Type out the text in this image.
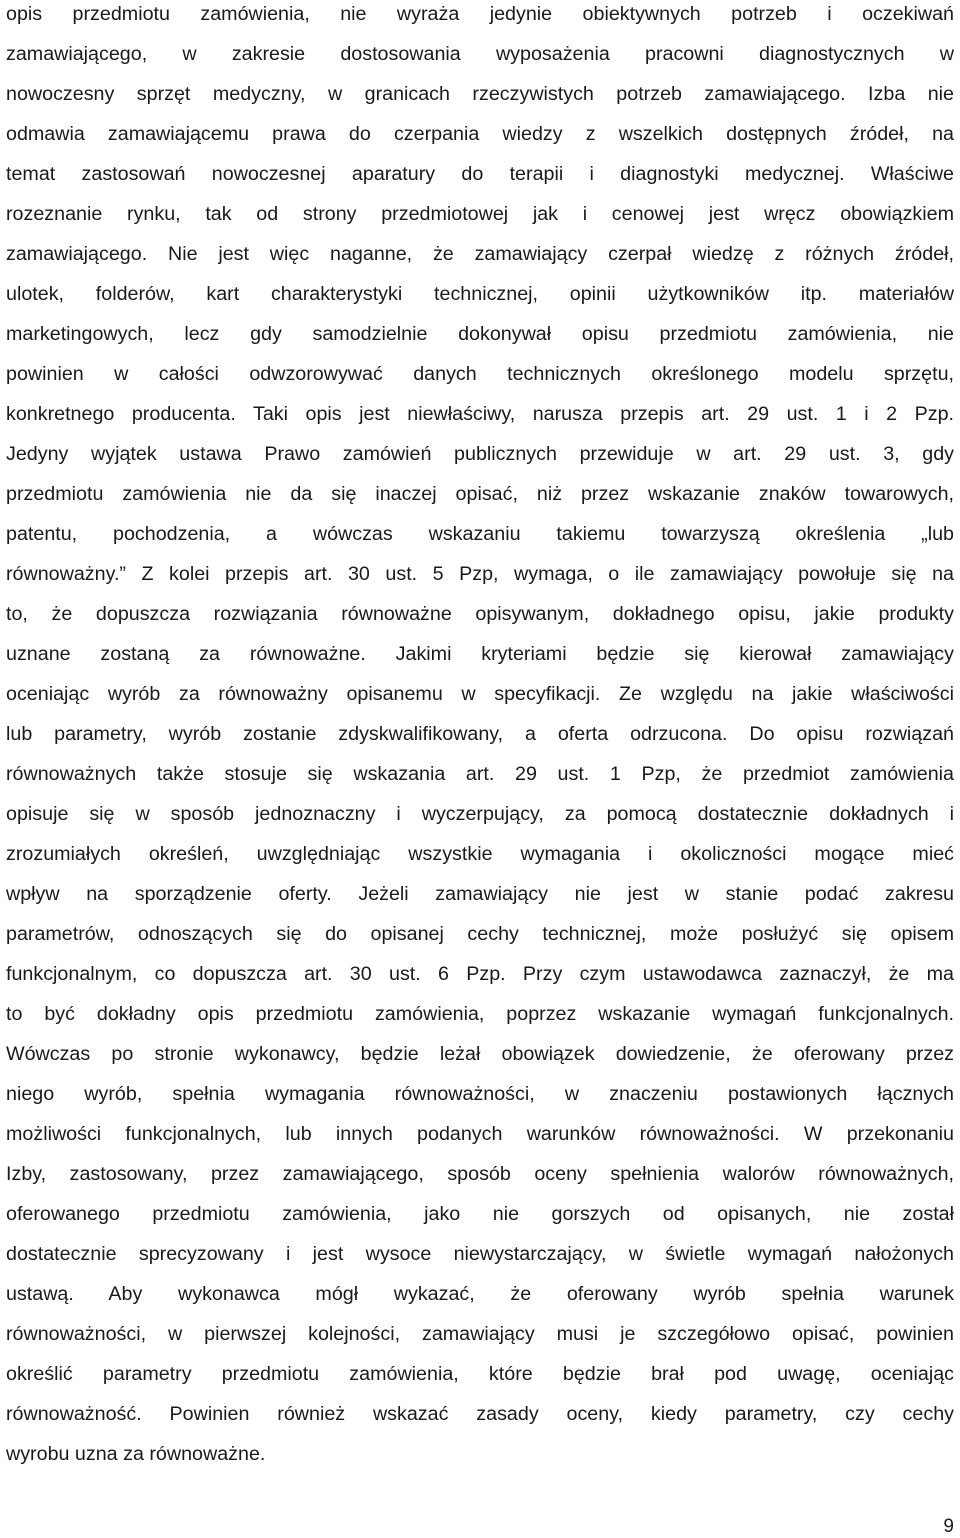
opis przedmiotu zamówienia, nie wyraża jedynie obiektywnych potrzeb i oczekiwań
zamawiającego, w zakresie dostosowania wyposażenia pracowni diagnostycznych w
nowoczesny sprzęt medyczny, w granicach rzeczywistych potrzeb zamawiającego. Izba nie
odmawia zamawiającemu prawa do czerpania wiedzy z wszelkich dostępnych źródeł, na
temat zastosowań nowoczesnej aparatury do terapii i diagnostyki medycznej. Właściwe
rozeznanie rynku, tak od strony przedmiotowej jak i cenowej jest wręcz obowiązkiem
zamawiającego. Nie jest więc naganne, że zamawiający czerpał wiedzę z różnych źródeł,
ulotek, folderów, kart charakterystyki technicznej, opinii użytkowników itp. materiałów
marketingowych, lecz gdy samodzielnie dokonywał opisu przedmiotu zamówienia, nie
powinien w całości odwzorowywać danych technicznych określonego modelu sprzętu,
konkretnego producenta. Taki opis jest niewłaściwy, narusza przepis art. 29 ust. 1 i 2 Pzp.
Jedyny wyjątek ustawa Prawo zamówień publicznych przewiduje w art. 29 ust. 3, gdy
przedmiotu zamówienia nie da się inaczej opisać, niż przez wskazanie znaków towarowych,
patentu, pochodzenia, a wówczas wskazaniu takiemu towarzyszą określenia „lub
równoważny.” Z kolei przepis art. 30 ust. 5 Pzp, wymaga, o ile zamawiający powołuje się na
to, że dopuszcza rozwiązania równoważne opisywanym, dokładnego opisu, jakie produkty
uznane zostaną za równoważne. Jakimi kryteriami będzie się kierował zamawiający
oceniając wyrób za równoważny opisanemu w specyfikacji. Ze względu na jakie właściwości
lub parametry, wyrób zostanie zdyskwalifikowany, a oferta odrzucona. Do opisu rozwiązań
równoważnych także stosuje się wskazania art. 29 ust. 1 Pzp, że przedmiot zamówienia
opisuje się w sposób jednoznaczny i wyczerpujący, za pomocą dostatecznie dokładnych i
zrozumiałych określeń, uwzględniając wszystkie wymagania i okoliczności mogące mieć
wpływ na sporządzenie oferty. Jeżeli zamawiający nie jest w stanie podać zakresu
parametrów, odnoszących się do opisanej cechy technicznej, może posłużyć się opisem
funkcjonalnym, co dopuszcza art. 30 ust. 6 Pzp. Przy czym ustawodawca zaznaczył, że ma
to być dokładny opis przedmiotu zamówienia, poprzez wskazanie wymagań funkcjonalnych.
Wówczas po stronie wykonawcy, będzie leżał obowiązek dowiedzenie, że oferowany przez
niego wyrób, spełnia wymagania równoważności, w znaczeniu postawionych łącznych
możliwości funkcjonalnych, lub innych podanych warunków równoważności. W przekonaniu
Izby, zastosowany, przez zamawiającego, sposób oceny spełnienia walorów równoważnych,
oferowanego przedmiotu zamówienia, jako nie gorszych od opisanych, nie został
dostatecznie sprecyzowany i jest wysoce niewystarczający, w świetle wymagań nałożonych
ustawą. Aby wykonawca mógł wykazać, że oferowany wyrób spełnia warunek
równoważności, w pierwszej kolejności, zamawiający musi je szczegółowo opisać, powinien
określić parametry przedmiotu zamówienia, które będzie brał pod uwagę, oceniając
równoważność. Powinien również wskazać zasady oceny, kiedy parametry, czy cechy
wyrobu uzna za równoważne.
9
